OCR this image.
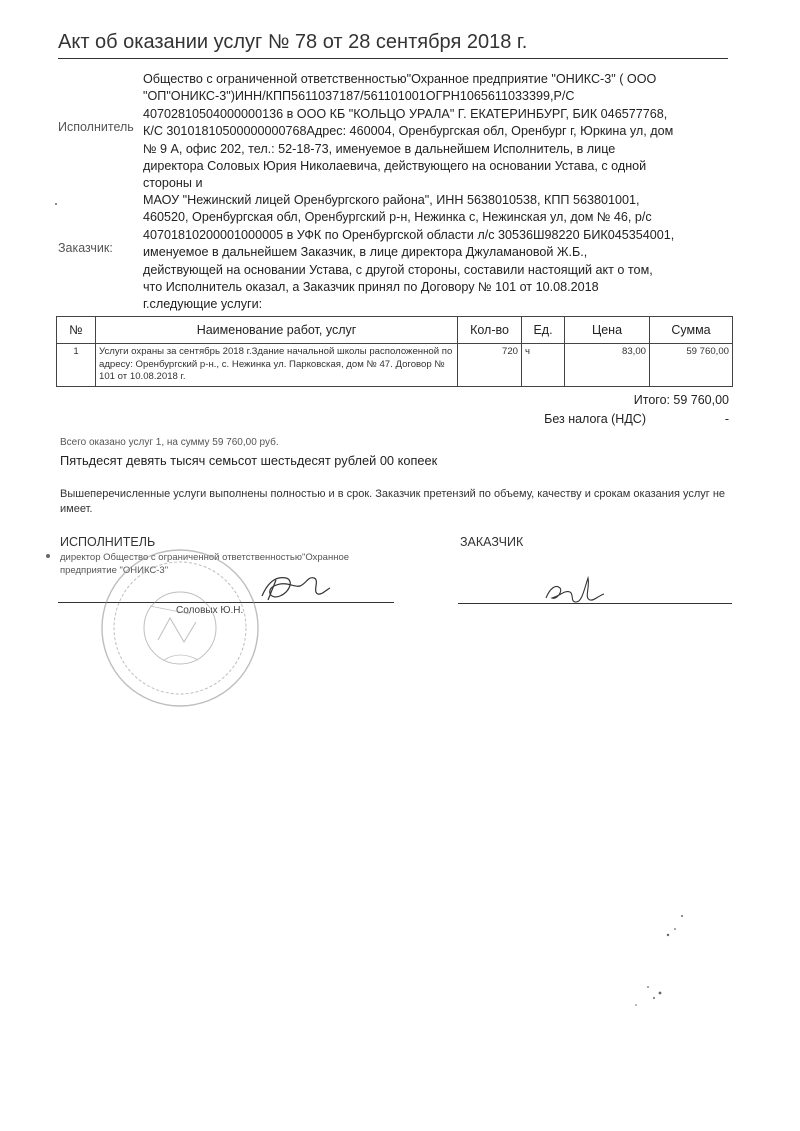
Акт об оказании услуг № 78 от 28 сентября 2018 г.
Исполнитель
Общество с ограниченной ответственностью"Охранное предприятие "ОНИКС-3" ( ООО
"ОП"ОНИКС-3")ИНН/КПП5611037187/561101001ОГРН1065611033399,Р/С
40702810504000000136 в ООО КБ "КОЛЬЦО УРАЛА" Г. ЕКАТЕРИНБУРГ, БИК 046577768,
К/С 30101810500000000768Адрес: 460004, Оренбургская обл, Оренбург г, Юркина ул, дом
№ 9 А, офис 202, тел.: 52-18-73, именуемое в дальнейшем Исполнитель, в лице
директора Соловых Юрия Николаевича, действующего на основании Устава, с одной
стороны и
Заказчик:
МАОУ "Нежинский лицей Оренбургского района", ИНН 5638010538, КПП 563801001,
460520, Оренбургская обл, Оренбургский р-н, Нежинка с, Нежинская ул, дом № 46, р/с
40701810200001000005 в УФК по Оренбургской области л/с 30536Ш98220 БИК045354001,
именуемое в дальнейшем Заказчик, в лице директора Джуламановой Ж.Б.,
действующей на основании Устава, с другой стороны, составили настоящий акт о том,
что Исполнитель оказал, а Заказчик принял по Договору № 101 от 10.08.2018
г.следующие услуги:
№	Наименование работ, услуг	Кол-во	Ед.	Цена	Сумма
1	Услуги охраны за сентябрь 2018 г.Здание начальной школы расположенной по адресу: Оренбургский р-н., с. Нежинка ул. Парковская, дом № 47. Договор № 101 от 10.08.2018 г.	720	ч	83,00	59 760,00
Итого: 59 760,00
Без налога (НДС)	-
Всего оказано услуг 1, на сумму 59 760,00 руб.
Пятьдесят девять тысяч семьсот шестьдесят рублей 00 копеек
Вышеперечисленные услуги выполнены полностью и в срок. Заказчик претензий по объему, качеству и срокам оказания услуг не имеет.
ИСПОЛНИТЕЛЬ
директор Общество с ограниченной ответственностью"Охранное предприятие "ОНИКС-3"
Соловых Ю.Н.
ЗАКАЗЧИК
